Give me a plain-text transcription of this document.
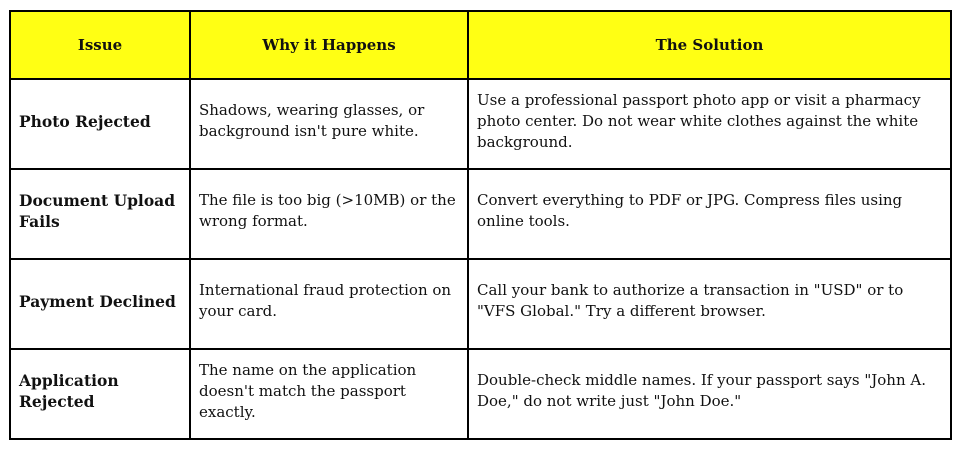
Issue	Why it Happens	The Solution

Photo Rejected	Shadows, wearing glasses, or background isn't pure white.	Use a professional passport photo app or visit a pharmacy photo center. Do not wear white clothes against the white background.

Document Upload Fails	The file is too big (>10MB) or the wrong format.	Convert everything to PDF or JPG. Compress files using online tools.

Payment Declined	International fraud protection on your card.	Call your bank to authorize a transaction in "USD" or to "VFS Global." Try a different browser.

Application Rejected	The name on the application doesn't match the passport exactly.	Double-check middle names. If your passport says "John A. Doe," do not write just "John Doe."
